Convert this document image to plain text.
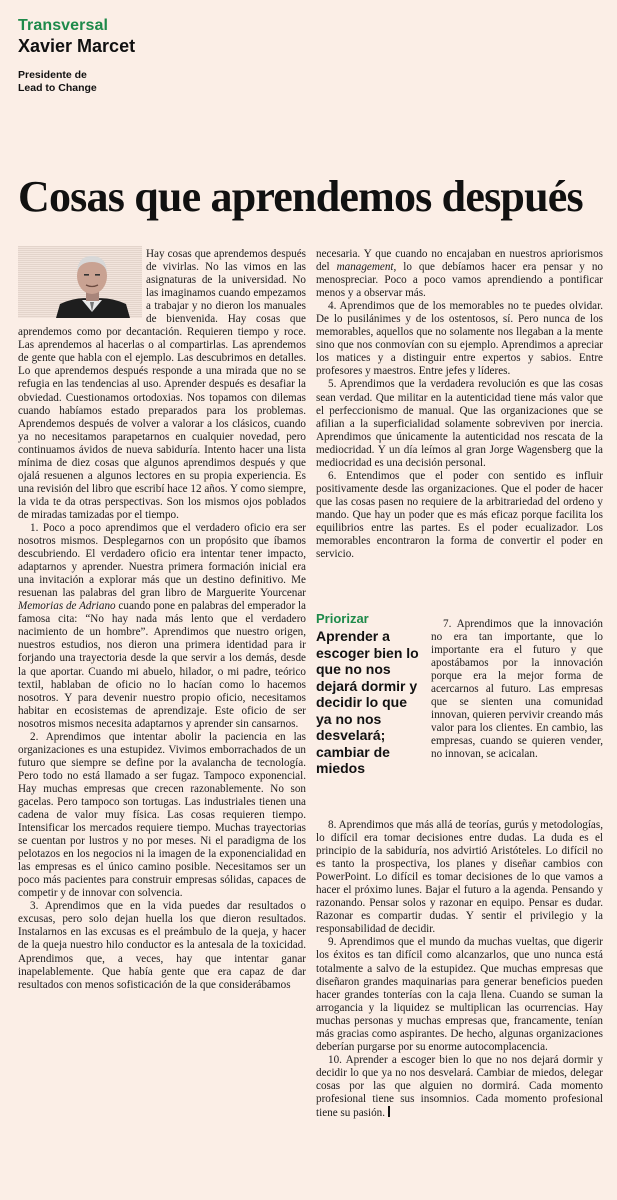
Transversal
Xavier Marcet
Presidente de
Lead to Change
Cosas que aprendemos después

Hay cosas que aprendemos después de vivirlas. No las vimos en las asignaturas de la universidad. No las imaginamos cuando empezamos a trabajar y no dieron los manuales de bienvenida. Hay cosas que aprendemos como por decantación. Requieren tiempo y roce. Las aprendemos al hacerlas o al compartirlas. Las aprendemos de gente que habla con el ejemplo. Las descubrimos en detalles. Lo que aprendemos después responde a una mirada que no se refugia en las tendencias al uso. Aprender después es desafiar la obviedad. Cuestionamos ortodoxias. Nos topamos con dilemas cuando habíamos estado preparados para los problemas. Aprendemos después de volver a valorar a los clásicos, cuando ya no necesitamos parapetarnos en cualquier novedad, pero continuamos ávidos de nueva sabiduría. Intento hacer una lista mínima de diez cosas que algunos aprendimos después y que ojalá resuenen a algunos lectores en su propia experiencia. Es una revisión del libro que escribí hace 12 años. Y como siempre, la vida te da otras perspectivas. Son los mismos ojos poblados de miradas tamizadas por el tiempo.

1. Poco a poco aprendimos que el verdadero oficio era ser nosotros mismos. Desplegarnos con un propósito que íbamos descubriendo. El verdadero oficio era intentar tener impacto, adaptarnos y aprender. Nuestra primera formación inicial era una invitación a explorar más que un destino definitivo. Me resuenan las palabras del gran libro de Marguerite Yourcenar Memorias de Adriano cuando pone en palabras del emperador la famosa cita: “No hay nada más lento que el verdadero nacimiento de un hombre”. Aprendimos que nuestro origen, nuestros estudios, nos dieron una primera identidad para ir forjando una trayectoria desde la que servir a los demás, desde la que aportar. Cuando mi abuelo, hilador, o mi padre, teórico textil, hablaban de oficio no lo hacían como lo hacemos nosotros. Y para devenir nuestro propio oficio, necesitamos habitar en ecosistemas de aprendizaje. Este oficio de ser nosotros mismos necesita adaptarnos y aprender sin cansarnos.

2. Aprendimos que intentar abolir la paciencia en las organizaciones es una estupidez. Vivimos emborrachados de un futuro que siempre se define por la avalancha de tecnología. Pero todo no está llamado a ser fugaz. Tampoco exponencial. Hay muchas empresas que crecen razonablemente. No son gacelas. Pero tampoco son tortugas. Las industriales tienen una cadena de valor muy física. Las cosas requieren tiempo. Intensificar los mercados requiere tiempo. Muchas trayectorias se cuentan por lustros y no por meses. Ni el paradigma de los pelotazos en los negocios ni la imagen de la exponencialidad en las empresas es el único camino posible. Necesitamos ser un poco más pacientes para construir empresas sólidas, capaces de competir y de innovar con solvencia.

3. Aprendimos que en la vida puedes dar resultados o excusas, pero solo dejan huella los que dieron resultados. Instalarnos en las excusas es el preámbulo de la queja, y hacer de la queja nuestro hilo conductor es la antesala de la toxicidad. Aprendimos que, a veces, hay que intentar ganar inapelablemente. Que había gente que era capaz de dar resultados con menos sofisticación de la que considerábamos

necesaria. Y que cuando no encajaban en nuestros apriorismos del management, lo que debíamos hacer era pensar y no menospreciar. Poco a poco vamos aprendiendo a pontificar menos y a observar más.

4. Aprendimos que de los memorables no te puedes olvidar. De lo pusilánimes y de los ostentosos, sí. Pero nunca de los memorables, aquellos que no solamente nos llegaban a la mente sino que nos conmovían con su ejemplo. Aprendimos a apreciar los matices y a distinguir entre expertos y sabios. Entre profesores y maestros. Entre jefes y líderes.

5. Aprendimos que la verdadera revolución es que las cosas sean verdad. Que militar en la autenticidad tiene más valor que el perfeccionismo de manual. Que las organizaciones que se afilian a la superficialidad solamente sobreviven por inercia. Aprendimos que únicamente la autenticidad nos rescata de la mediocridad. Y un día leímos al gran Jorge Wagensberg que la mediocridad es una decisión personal.

6. Entendimos que el poder con sentido es influir positivamente desde las organizaciones. Que el poder de hacer que las cosas pasen no requiere de la arbitrariedad del ordeno y mando. Que hay un poder que es más eficaz porque facilita los equilibrios entre las partes. Es el poder ecualizador. Los memorables encontraron la forma de convertir el poder en servicio.

Priorizar
Aprender a escoger bien lo que no nos dejará dormir y decidir lo que ya no nos desvelará; cambiar de miedos

7. Aprendimos que la innovación no era tan importante, que lo importante era el futuro y que apostábamos por la innovación porque era la mejor forma de acercarnos al futuro. Las empresas que se sienten una comunidad innovan, quieren pervivir creando más valor para los clientes. En cambio, las empresas, cuando se quieren vender, no innovan, se acicalan.

8. Aprendimos que más allá de teorías, gurús y metodologías, lo difícil era tomar decisiones entre dudas. La duda es el principio de la sabiduría, nos advirtió Aristóteles. Lo difícil no es tanto la prospectiva, los planes y diseñar cambios con PowerPoint. Lo difícil es tomar decisiones de lo que vamos a hacer el próximo lunes. Bajar el futuro a la agenda. Pensando y razonando. Pensar solos y razonar en equipo. Pensar es dudar. Razonar es compartir dudas. Y sentir el privilegio y la responsabilidad de decidir.

9. Aprendimos que el mundo da muchas vueltas, que digerir los éxitos es tan difícil como alcanzarlos, que uno nunca está totalmente a salvo de la estupidez. Que muchas empresas que diseñaron grandes maquinarias para generar beneficios pueden hacer grandes tonterías con la caja llena. Cuando se suman la arrogancia y la liquidez se multiplican las ocurrencias. Hay muchas personas y muchas empresas que, francamente, tenían más gracias como aspirantes. De hecho, algunas organizaciones deberían purgarse por su enorme autocomplacencia.

10. Aprender a escoger bien lo que no nos dejará dormir y decidir lo que ya no nos desvelará. Cambiar de miedos, delegar cosas por las que alguien no dormirá. Cada momento profesional tiene sus insomnios. Cada momento profesional tiene su pasión.
